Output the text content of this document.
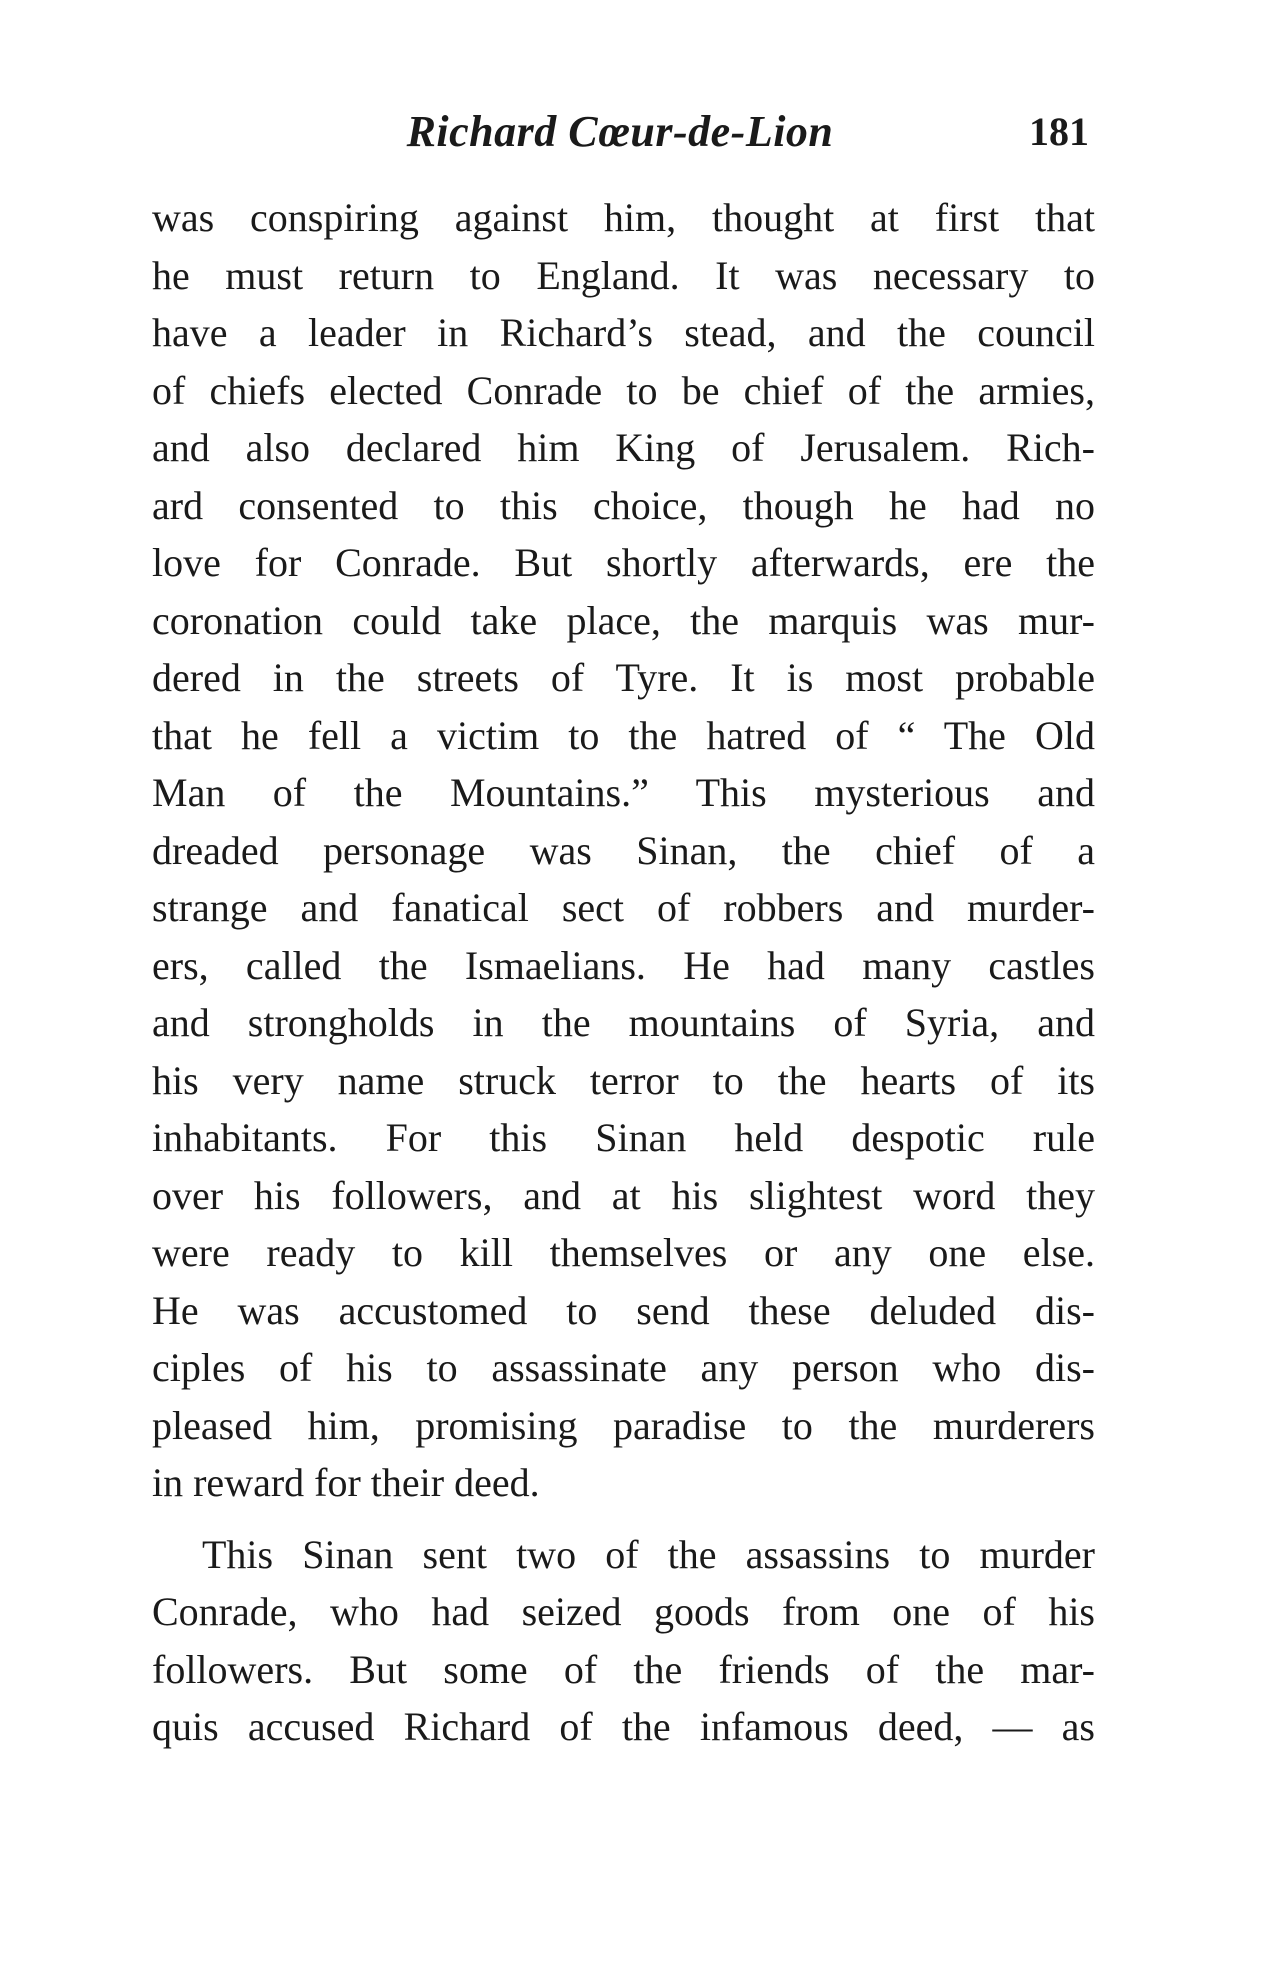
Richard Cœur-de-Lion	181
was conspiring against him, thought at first that
he must return to England. It was necessary to
have a leader in Richard’s stead, and the council
of chiefs elected Conrade to be chief of the armies,
and also declared him King of Jerusalem. Rich-
ard consented to this choice, though he had no
love for Conrade. But shortly afterwards, ere the
coronation could take place, the marquis was mur-
dered in the streets of Tyre. It is most probable
that he fell a victim to the hatred of “ The Old
Man of the Mountains.” This mysterious and
dreaded personage was Sinan, the chief of a
strange and fanatical sect of robbers and murder-
ers, called the Ismaelians. He had many castles
and strongholds in the mountains of Syria, and
his very name struck terror to the hearts of its
inhabitants. For this Sinan held despotic rule
over his followers, and at his slightest word they
were ready to kill themselves or any one else.
He was accustomed to send these deluded dis-
ciples of his to assassinate any person who dis-
pleased him, promising paradise to the murderers
in reward for their deed.
This Sinan sent two of the assassins to murder
Conrade, who had seized goods from one of his
followers. But some of the friends of the mar-
quis accused Richard of the infamous deed, — as
